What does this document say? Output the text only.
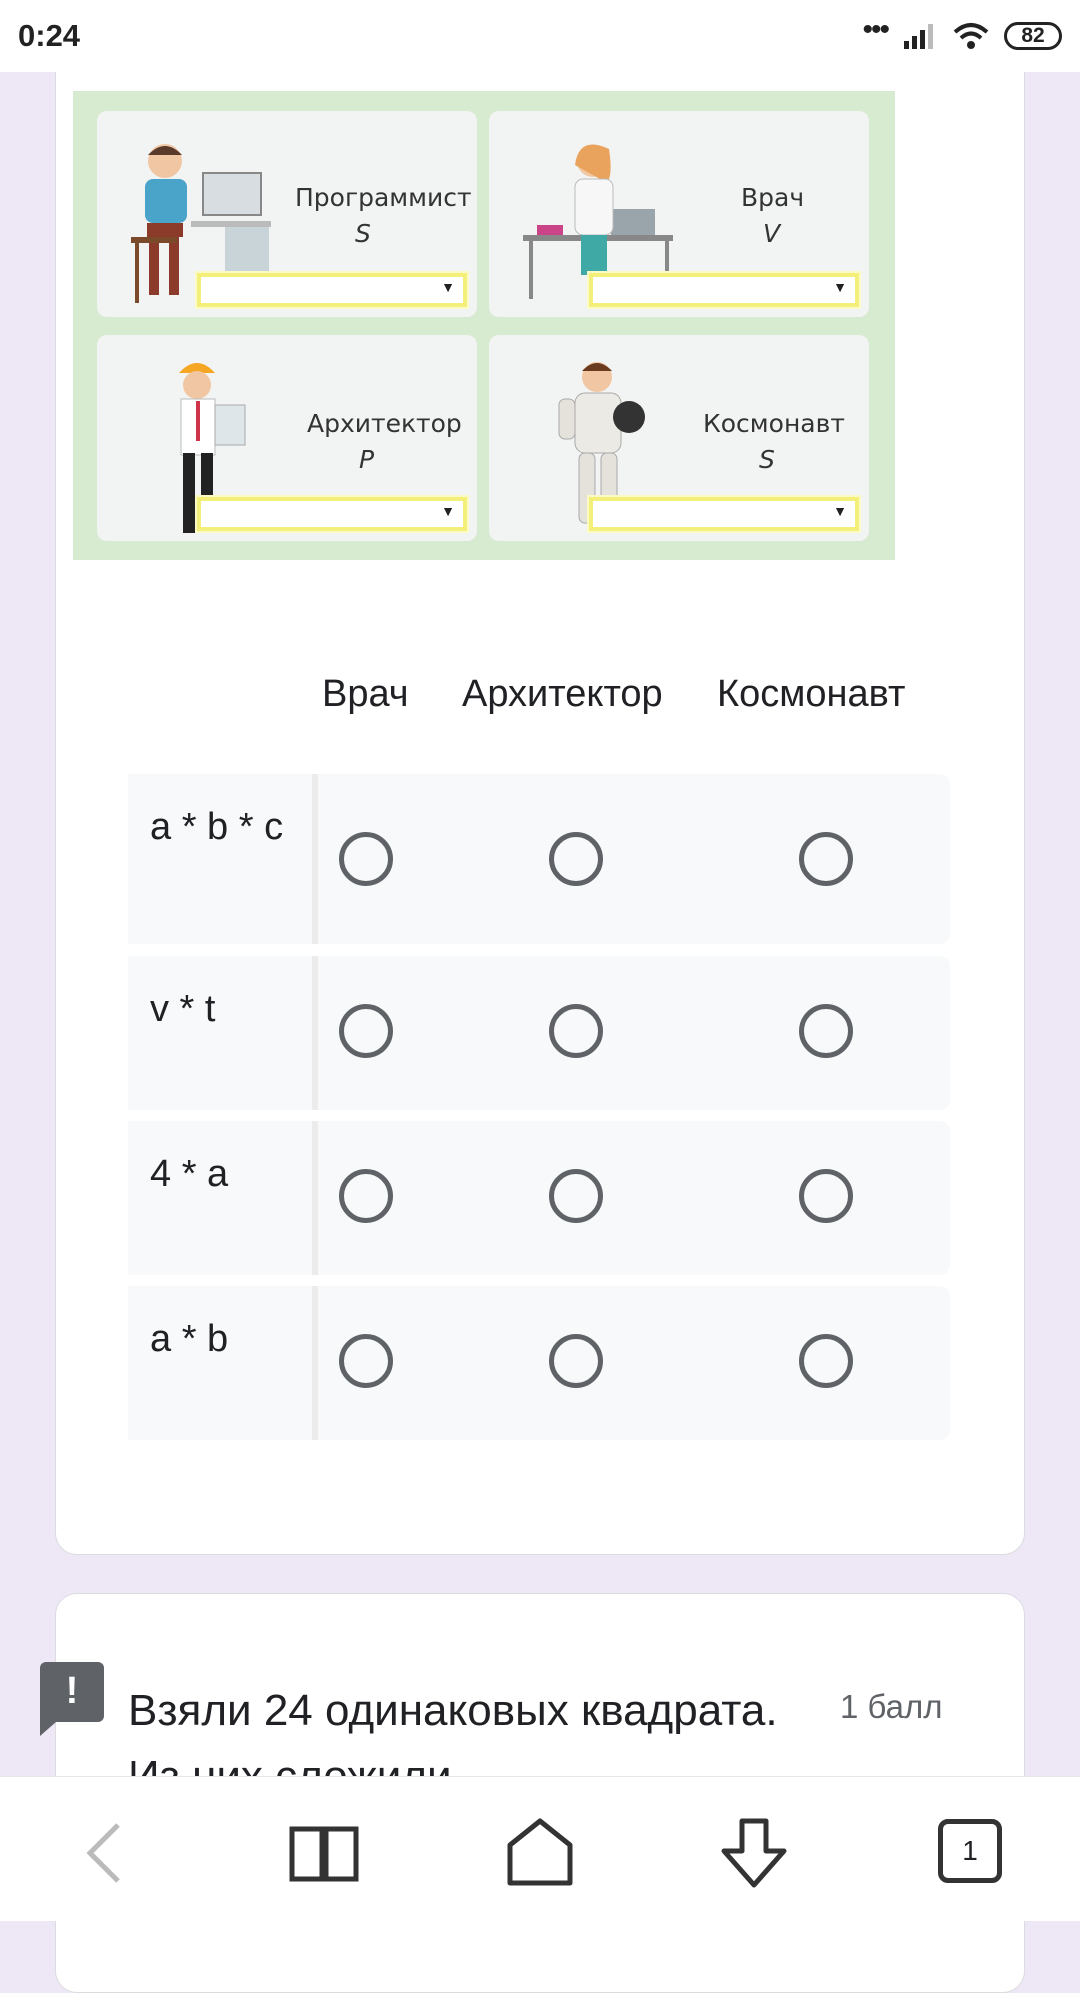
0:24	•••	82
Программист
S
▼
Врач
V
▼
Архитектор
P
▼
Космонавт
S
▼
Врач Архитектор Космонавт
a * b * c
v * t
4 * a
a * b
!	Взяли 24 одинаковых квадрата. 1 балл
1
